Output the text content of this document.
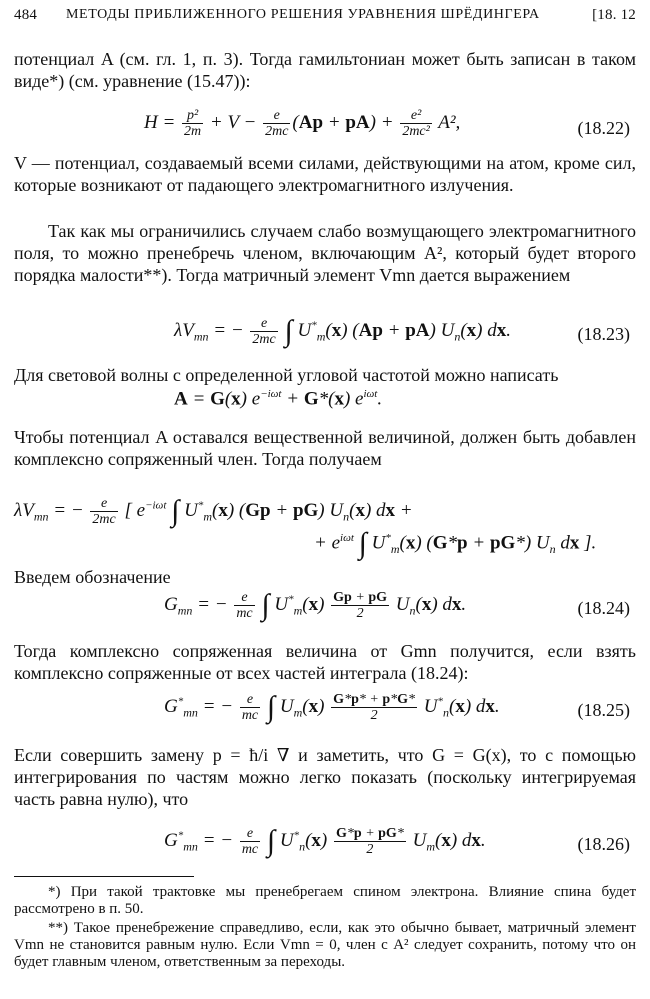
484 МЕТОДЫ ПРИБЛИЖЕННОГО РЕШЕНИЯ УРАВНЕНИЯ ШРЁДИНГЕРА	[18. 12
потенциал A (см. гл. 1, п. 3). Тогда гамильтониан может быть записан в таком виде*) (см. уравнение (15.47)):
$H = \frac{\text{p²}}{2m} + V - \frac{e}{2mc} (Ap + pA) + \frac{\text{e²}}{\text{2mc²}} A^2$,	(18.22)
V — потенциал, создаваемый всеми силами, действующими на атом, кроме сил, которые возникают от падающего электромагнитного излучения.
Так как мы ограничились случаем слабо возмущающего электромагнитного поля, то можно пренебречь членом, включающим A², который будет второго порядка малости**). Тогда матричный элемент Vmn дается выражением
$\lambda V_{mn}$ = − $\frac{e}{2mc}$ ∫ $U^*_m(x) (Ap + pA)$ $U_n(x)$ dx.	(18.23)
Для световой волны с определенной угловой частотой можно написать
A = G(x) $e^{-i\omega t} + G*(x)$ $e^{i\omega t}$.
Чтобы потенциал A оставался вещественной величиной, должен быть добавлен комплексно сопряженный член. Тогда получаем
$\lambda V_{mn}$ = − $\frac{e}{2mc}$ [ $e^{-i\omega t}$ ∫ $U^*_m(x) (Gp + pG)$ $U_n(x)$ dx +
+ $e^{i\omega t}$ ∫ $U^*_m(x) (G*p + pG*)$ $U_n$ dx ].
Введем обозначение
$G_{mn}$ = − $\frac{e}{mc}$ ∫ $U^*_m(x) \frac{Gp + pG}{2} U_n(x)$ dx.	(18.24)
Тогда комплексно сопряженная величина от Gmn получится, если взять комплексно сопряженные от всех частей интеграла (18.24):
$G^*_{mn}$ = − $\frac{e}{mc}$ ∫ $U_m(x) \frac{G*p* + p*G*}{2} U^*_n(x)$ dx.	(18.25)
Если совершить замену p = ħ/i ∇ и заметить, что G = G(x), то с помощью интегрирования по частям можно легко показать (поскольку интегрируемая часть равна нулю), что
$G^*_{mn}$ = − $\frac{e}{mc}$ ∫ $U^*_n(x) \frac{G*p + pG*}{2} U_m(x)$ dx.	(18.26)
*) При такой трактовке мы пренебрегаем спином электрона. Влияние спина будет рассмотрено в п. 50.
**) Такое пренебрежение справедливо, если, как это обычно бывает, матричный элемент Vmn не становится равным нулю. Если Vmn = 0, член с A² следует сохранить, потому что он будет главным членом, ответственным за переходы.
